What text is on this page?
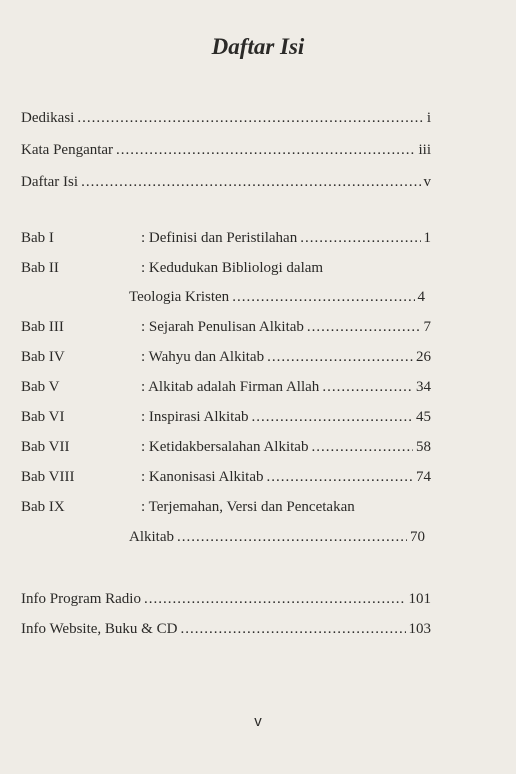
Daftar Isi
Dedikasi .....	i
Kata Pengantar .....	iii
Daftar Isi .....	v
Bab I	: Definisi dan Peristilahan .....	1
Bab II	: Kedudukan Bibliologi dalam
Teologia Kristen .....	4
Bab III	: Sejarah Penulisan Alkitab .....	7
Bab IV	: Wahyu dan Alkitab .....	26
Bab V	: Alkitab adalah Firman Allah .....	34
Bab VI	: Inspirasi Alkitab .....	45
Bab VII	: Ketidakbersalahan Alkitab .....	58
Bab VIII	: Kanonisasi Alkitab .....	74
Bab IX	: Terjemahan, Versi dan Pencetakan
Alkitab .....	70
Info Program Radio .....	101
Info Website, Buku & CD .....	103
v
